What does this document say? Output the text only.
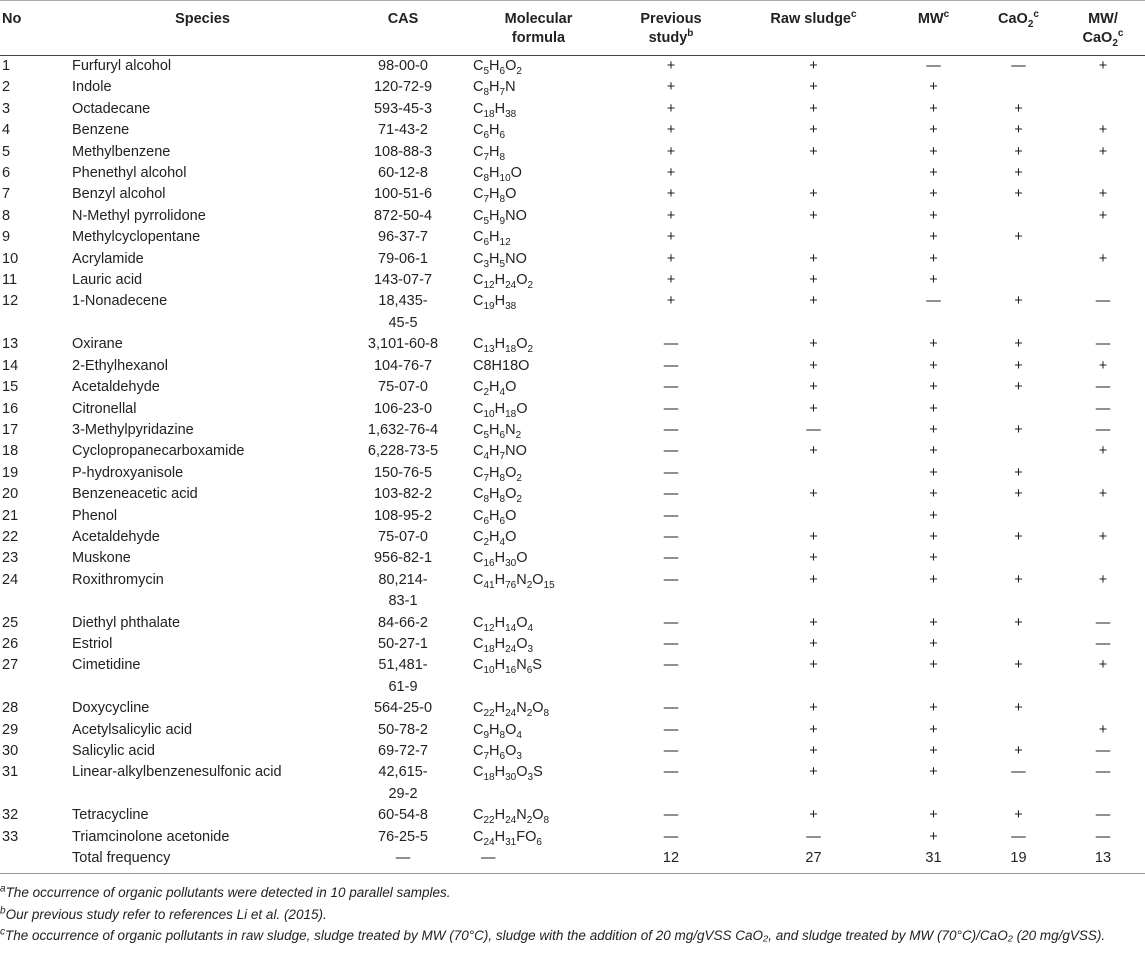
No	Species	CAS	Molecular
formula	Previous
study$^b$	Raw sludge$^c$	$MW^c$	CaO$_2^c$	MW/
CaO$_2^c$
1	Furfuryl alcohol	98-00-0	$C_5H_6O_2$	+	+	—	—	+
2	Indole	120-72-9	$C_8H_7N$	+	+	+		
3	Octadecane	593-45-3	$C_{18}H_{38}$	+	+	+	+	
4	Benzene	71-43-2	$C_6H_6$	+	+	+	+	+
5	Methylbenzene	108-88-3	$C_7H_8$	+	+	+	+	+
6	Phenethyl alcohol	60-12-8	$C_8H_{10}O$	+		+	+	
7	Benzyl alcohol	100-51-6	$C_7H_8O$	+	+	+	+	+
8	N-Methyl pyrrolidone	872-50-4	$C_5H_9NO$	+	+	+		+
9	Methylcyclopentane	96-37-7	$C_6H_{12}$	+		+	+	
10	Acrylamide	79-06-1	$C_3H_5NO$	+	+	+		+
11	Lauric acid	143-07-7	$C_{12}H_{24}O_2$	+	+	+		
12	1-Nonadecene	18,435-
45-5	$C_{19}H_{38}$	+	+	—	+	—
13	Oxirane	3,101-60-8	$C_{13}H_{18}O_2$	—	+	+	+	—
14	2-Ethylhexanol	104-76-7	C8H18O	—	+	+	+	+
15	Acetaldehyde	75-07-0	$C_2H_4O$	—	+	+	+	—
16	Citronellal	106-23-0	$C_{10}H_{18}O$	—	+	+		—
17	3-Methylpyridazine	1,632-76-4	$C_5H_6N_2$	—	—	+	+	—
18	Cyclopropanecarboxamide	6,228-73-5	$C_4H_7NO$	—	+	+		+
19	P-hydroxyanisole	150-76-5	$C_7H_8O_2$	—		+	+	
20	Benzeneacetic acid	103-82-2	$C_8H_8O_2$	—	+	+	+	+
21	Phenol	108-95-2	$C_6H_6O$	—		+		
22	Acetaldehyde	75-07-0	$C_2H_4O$	—	+	+	+	+
23	Muskone	956-82-1	$C_{16}H_{30}O$	—	+	+		
24	Roxithromycin	80,214-
83-1	$C_{41}H_{76}N_2O_{15}$	—	+	+	+	+
25	Diethyl phthalate	84-66-2	$C_{12}H_{14}O_4$	—	+	+	+	—
26	Estriol	50-27-1	$C_{18}H_{24}O_3$	—	+	+		—
27	Cimetidine	51,481-
61-9	$C_{10}H_{16}N_6S$	—	+	+	+	+
28	Doxycycline	564-25-0	$C_{22}H_{24}N_2O_8$	—	+	+	+	
29	Acetylsalicylic acid	50-78-2	$C_9H_8O_4$	—	+	+		+
30	Salicylic acid	69-72-7	$C_7H_6O_3$	—	+	+	+	—
31	Linear-alkylbenzenesulfonic acid	42,615-
29-2	$C_{18}H_{30}O_3S$	—	+	+	—	—
32	Tetracycline	60-54-8	$C_{22}H_{24}N_2O_8$	—	+	+	+	—
33	Triamcinolone acetonide	76-25-5	$C_{24}H_{31}FO_6$	—	—	+	—	—
	Total frequency	—	—	12	27	31	19	13
$^a$The occurrence of organic pollutants were detected in 10 parallel samples.
$^b$Our previous study refer to references Li et al. (2015).
$^c$The occurrence of organic pollutants in raw sludge, sludge treated by MW (70°C), sludge with the addition of 20 mg/gVSS CaO₂, and sludge treated by MW (70°C)/CaO₂ (20 mg/gVSS).
